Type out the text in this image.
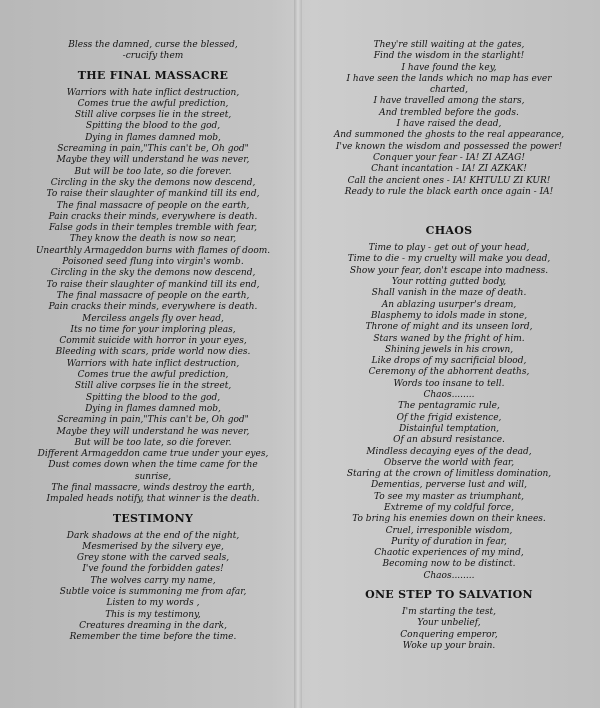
Bless the damned, curse the blessed,
-crucify them
THE FINAL MASSACRE
Warriors with hate inflict destruction,
Comes true the awful prediction,
Still alive corpses lie in the street,
Spitting the blood to the god,
Dying in flames damned mob,
Screaming in pain,"This can't be, Oh god"
Maybe they will understand he was never,
But will be too late, so die forever.
Circling in the sky the demons now descend,
To raise their slaughter of mankind till its end,
The final massacre of people on the earth,
Pain cracks their minds, everywhere is death.
False gods in their temples tremble with fear,
They know the death is now so near,
Unearthly Armageddon burns with flames of doom.
Poisoned seed flung into virgin's womb.
Circling in the sky the demons now descend,
To raise their slaughter of mankind till its end,
The final massacre of people on the earth,
Pain cracks their minds, everywhere is death.
Merciless angels fly over head,
Its no time for your imploring pleas,
Commit suicide with horror in your eyes,
Bleeding with scars, pride world now dies.
Warriors with hate inflict destruction,
Comes true the awful prediction,
Still alive corpses lie in the street,
Spitting the blood to the god,
Dying in flames damned mob,
Screaming in pain,"This can't be, Oh god"
Maybe they will understand he was never,
But will be too late, so die forever.
Different Armageddon came true under your eyes,
Dust comes down when the time came for the
sunrise,
The final massacre, winds destroy the earth,
Impaled heads notify, that winner is the death.
TESTIMONY
Dark shadows at the end of the night,
Mesmerised by the silvery eye,
Grey stone with the carved seals,
I've found the forbidden gates!
The wolves carry my name,
Subtle voice is summoning me from afar,
Listen to my words ,
This is my testimony,
Creatures dreaming in the dark,
Remember the time before the time.
They're still waiting at the gates,
Find the wisdom in the starlight!
I have found the key,
I have seen the lands which no map has ever
charted,
I have travelled among the stars,
And trembled before the gods.
I have raised the dead,
And summoned the ghosts to the real appearance,
I've known the wisdom and possessed the power!
Conquer your fear - IA! ZI AZAG!
Chant incantation - IA! ZI AZKAK!
Call the ancient ones - IA! KHTULU ZI KUR!
Ready to rule the black earth once again - IA!
CHAOS
Time to play - get out of your head,
Time to die - my cruelty will make you dead,
Show your fear, don't escape into madness.
Your rotting gutted body,
Shall vanish in the maze of death.
An ablazing usurper's dream,
Blasphemy to idols made in stone,
Throne of might and its unseen lord,
Stars waned by the fright of him.
Shining jewels in his crown,
Like drops of my sacrificial blood,
Ceremony of the abhorrent deaths,
Words too insane to tell.
Chaos........
The pentagramic rule,
Of the frigid existence,
Distainful temptation,
Of an absurd resistance.
Mindless decaying eyes of the dead,
Observe the world with fear,
Staring at the crown of limitless domination,
Dementias, perverse lust and will,
To see my master as triumphant,
Extreme of my coldful force,
To bring his enemies down on their knees.
Cruel, irresponible wisdom,
Purity of duration in fear,
Chaotic experiences of my mind,
Becoming now to be distinct.
Chaos........
ONE STEP TO SALVATION
I'm starting the test,
Your unbelief,
Conquering emperor,
Woke up your brain.
